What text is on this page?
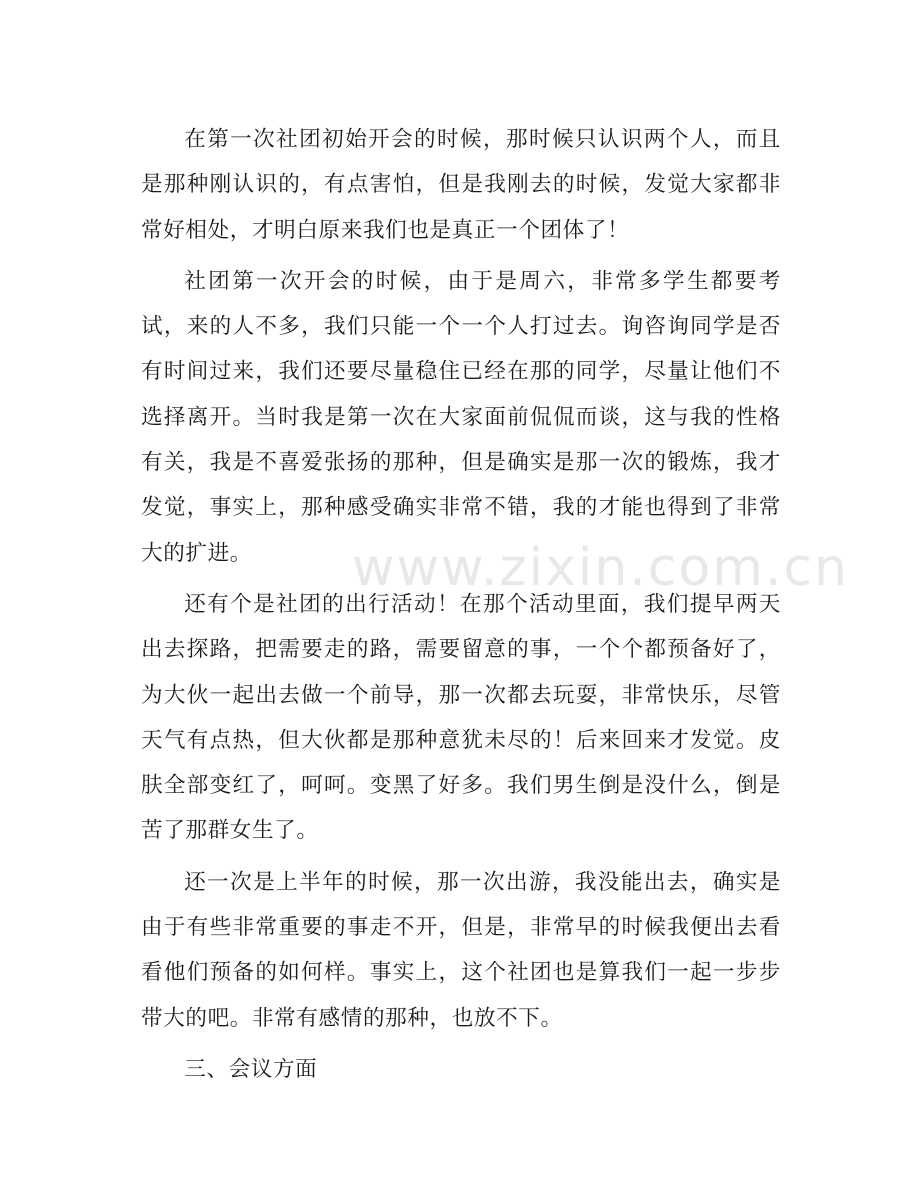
在第一次社团初始开会的时候，那时候只认识两个人，而且是那种刚认识的，有点害怕，但是我刚去的时候，发觉大家都非常好相处，才明白原来我们也是真正一个团体了！

社团第一次开会的时候，由于是周六，非常多学生都要考试，来的人不多，我们只能一个一个人打过去。询咨询同学是否有时间过来，我们还要尽量稳住已经在那的同学，尽量让他们不选择离开。当时我是第一次在大家面前侃侃而谈，这与我的性格有关，我是不喜爱张扬的那种，但是确实是那一次的锻炼，我才发觉，事实上，那种感受确实非常不错，我的才能也得到了非常大的扩进。

还有个是社团的出行活动！在那个活动里面，我们提早两天出去探路，把需要走的路，需要留意的事，一个个都预备好了，为大伙一起出去做一个前导，那一次都去玩耍，非常快乐，尽管天气有点热，但大伙都是那种意犹未尽的！后来回来才发觉。皮肤全部变红了，呵呵。变黑了好多。我们男生倒是没什么，倒是苦了那群女生了。

还一次是上半年的时候，那一次出游，我没能出去，确实是由于有些非常重要的事走不开，但是，非常早的时候我便出去看看他们预备的如何样。事实上，这个社团也是算我们一起一步步带大的吧。非常有感情的那种，也放不下。

三、会议方面

www.zixin.com.cn
